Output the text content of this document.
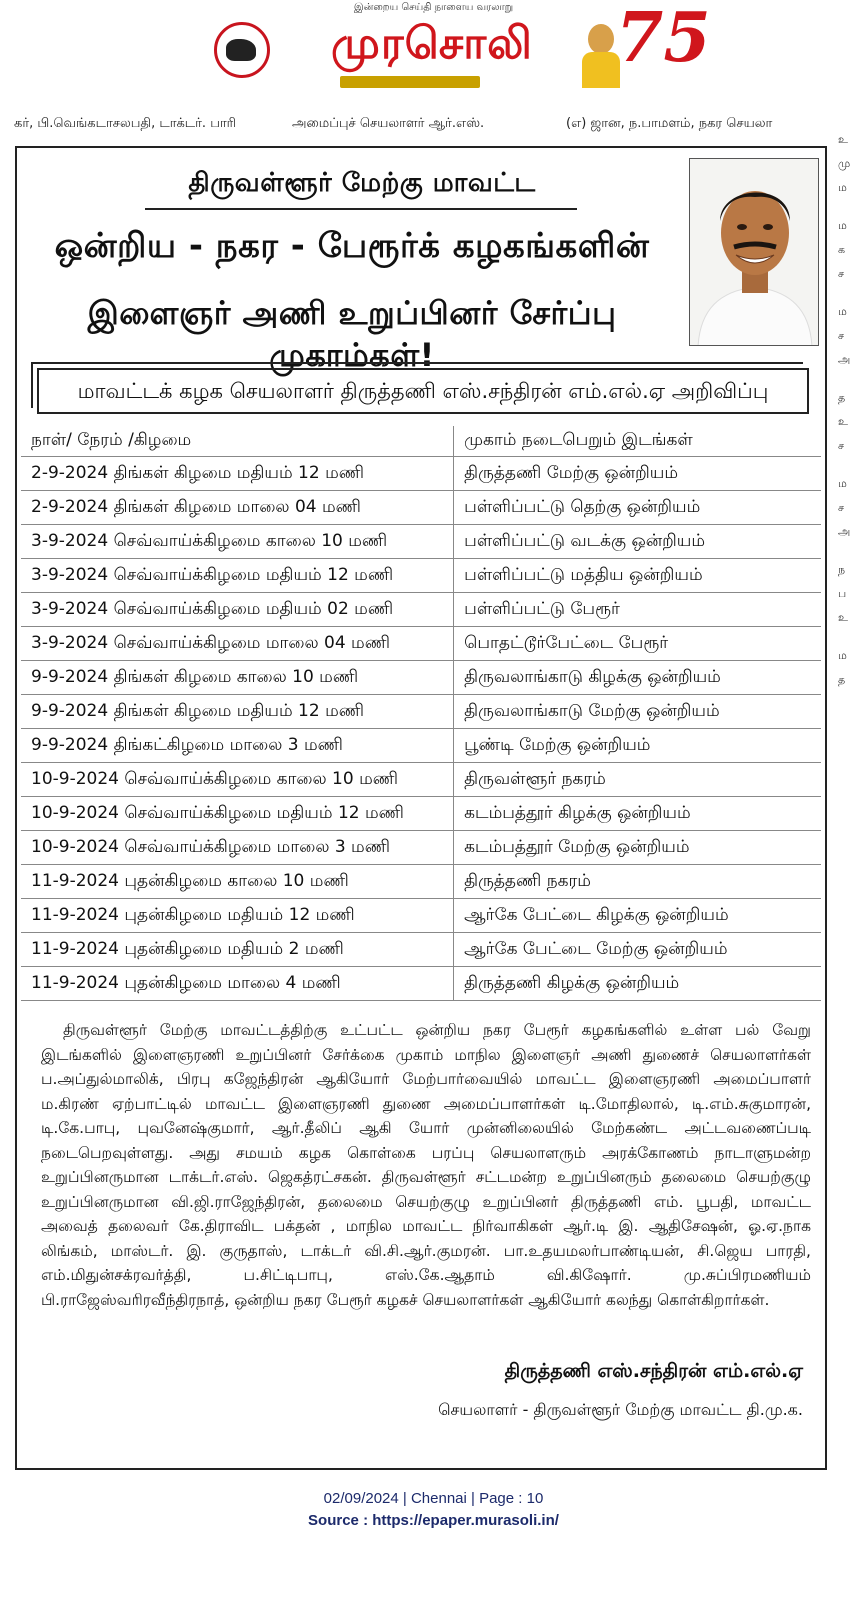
இன்றைய செய்தி நாளைய வரலாறு
முரசொலி	75
கர், பி.வெங்கடாசலபதி, டாக்டர். பாரி	அமைப்புச் செயலாளர் ஆர்.எஸ்.	(எ) ஜான, ந.பாமளம், நகர செயலா
உ
மு
ம
ம
க
ச
ம
ச
அ
த
உ
ச
ம
ச
அ
ந
ப
உ
ம
த
திருவள்ளூர் மேற்கு மாவட்ட
ஒன்றிய - நகர - பேரூர்க் கழகங்களின்
இளைஞர் அணி உறுப்பினர் சேர்ப்பு முகாம்கள்!
மாவட்டக் கழக செயலாளர் திருத்தணி எஸ்.சந்திரன் எம்.எல்.ஏ அறிவிப்பு
நாள்/ நேரம் /கிழமை	முகாம் நடைபெறும் இடங்கள்
2-9-2024 திங்கள் கிழமை மதியம் 12 மணி	திருத்தணி மேற்கு ஒன்றியம்
2-9-2024 திங்கள் கிழமை மாலை 04 மணி	பள்ளிப்பட்டு தெற்கு ஒன்றியம்
3-9-2024 செவ்வாய்க்கிழமை காலை 10 மணி	பள்ளிப்பட்டு வடக்கு ஒன்றியம்
3-9-2024 செவ்வாய்க்கிழமை மதியம் 12 மணி	பள்ளிப்பட்டு மத்திய ஒன்றியம்
3-9-2024 செவ்வாய்க்கிழமை மதியம் 02 மணி	பள்ளிப்பட்டு பேரூர்
3-9-2024 செவ்வாய்க்கிழமை மாலை 04 மணி	பொதட்டூர்பேட்டை பேரூர்
9-9-2024 திங்கள் கிழமை காலை 10 மணி	திருவலாங்காடு கிழக்கு ஒன்றியம்
9-9-2024 திங்கள் கிழமை மதியம் 12 மணி	திருவலாங்காடு மேற்கு ஒன்றியம்
9-9-2024 திங்கட்கிழமை மாலை 3 மணி	பூண்டி மேற்கு ஒன்றியம்
10-9-2024 செவ்வாய்க்கிழமை காலை 10 மணி	திருவள்ளூர் நகரம்
10-9-2024 செவ்வாய்க்கிழமை மதியம் 12 மணி	கடம்பத்தூர் கிழக்கு ஒன்றியம்
10-9-2024 செவ்வாய்க்கிழமை மாலை 3 மணி	கடம்பத்தூர் மேற்கு ஒன்றியம்
11-9-2024 புதன்கிழமை காலை 10 மணி	திருத்தணி நகரம்
11-9-2024 புதன்கிழமை மதியம் 12 மணி	ஆர்கே பேட்டை கிழக்கு ஒன்றியம்
11-9-2024 புதன்கிழமை மதியம் 2 மணி	ஆர்கே பேட்டை மேற்கு ஒன்றியம்
11-9-2024 புதன்கிழமை மாலை 4 மணி	திருத்தணி கிழக்கு ஒன்றியம்
திருவள்ளூர் மேற்கு மாவட்டத்திற்கு உட்பட்ட ஒன்றிய நகர பேரூர் கழகங்களில் உள்ள பல் வேறு இடங்களில் இளைஞரணி உறுப்பினர் சேர்க்கை முகாம் மாநில இளைஞர் அணி துணைச் செயலாளர்கள் ப.அப்துல்மாலிக், பிரபு கஜேந்திரன் ஆகியோர் மேற்பார்வையில் மாவட்ட இளைஞரணி அமைப்பாளர் ம.கிரண் ஏற்பாட்டில் மாவட்ட இளைஞரணி துணை அமைப்பாளர்கள் டி.மோதிலால், டி.எம்.சுகுமாரன், டி.கே.பாபு, புவனேஷ்குமார், ஆர்.தீலிப் ஆகி யோர் முன்னிலையில் மேற்கண்ட அட்டவணைப்படி நடைபெறவுள்ளது. அது சமயம் கழக கொள்கை பரப்பு செயலாளரும் அரக்கோணம் நாடாளுமன்ற உறுப்பினருமான டாக்டர்.எஸ். ஜெகத்ரட்சகன். திருவள்ளூர் சட்டமன்ற உறுப்பினரும் தலைமை செயற்குழு உறுப்பினருமான வி.ஜி.ராஜேந்திரன், தலைமை செயற்குழு உறுப்பினர் திருத்தணி எம். பூபதி, மாவட்ட அவைத் தலைவர் கே.திராவிட பக்தன் , மாநில மாவட்ட நிர்வாகிகள் ஆர்.டி இ. ஆதிசேஷன், ஓ.ஏ.நாக லிங்கம், மாஸ்டர். இ. குருதாஸ், டாக்டர் வி.சி.ஆர்.குமரன். பா.உதயமலர்பாண்டியன், சி.ஜெய பாரதி, எம்.மிதுன்சக்ரவர்த்தி, ப.சிட்டிபாபு, எஸ்.கே.ஆதாம் வி.கிஷோர். மு.சுப்பிரமணியம் பி.ராஜேஸ்வரிரவீந்திரநாத், ஒன்றிய நகர பேரூர் கழகச் செயலாளர்கள் ஆகியோர் கலந்து கொள்கிறார்கள்.
திருத்தணி எஸ்.சந்திரன் எம்.எல்.ஏ
செயலாளர் - திருவள்ளூர் மேற்கு மாவட்ட தி.மு.க.
02/09/2024 | Chennai | Page : 10
Source : https://epaper.murasoli.in/
